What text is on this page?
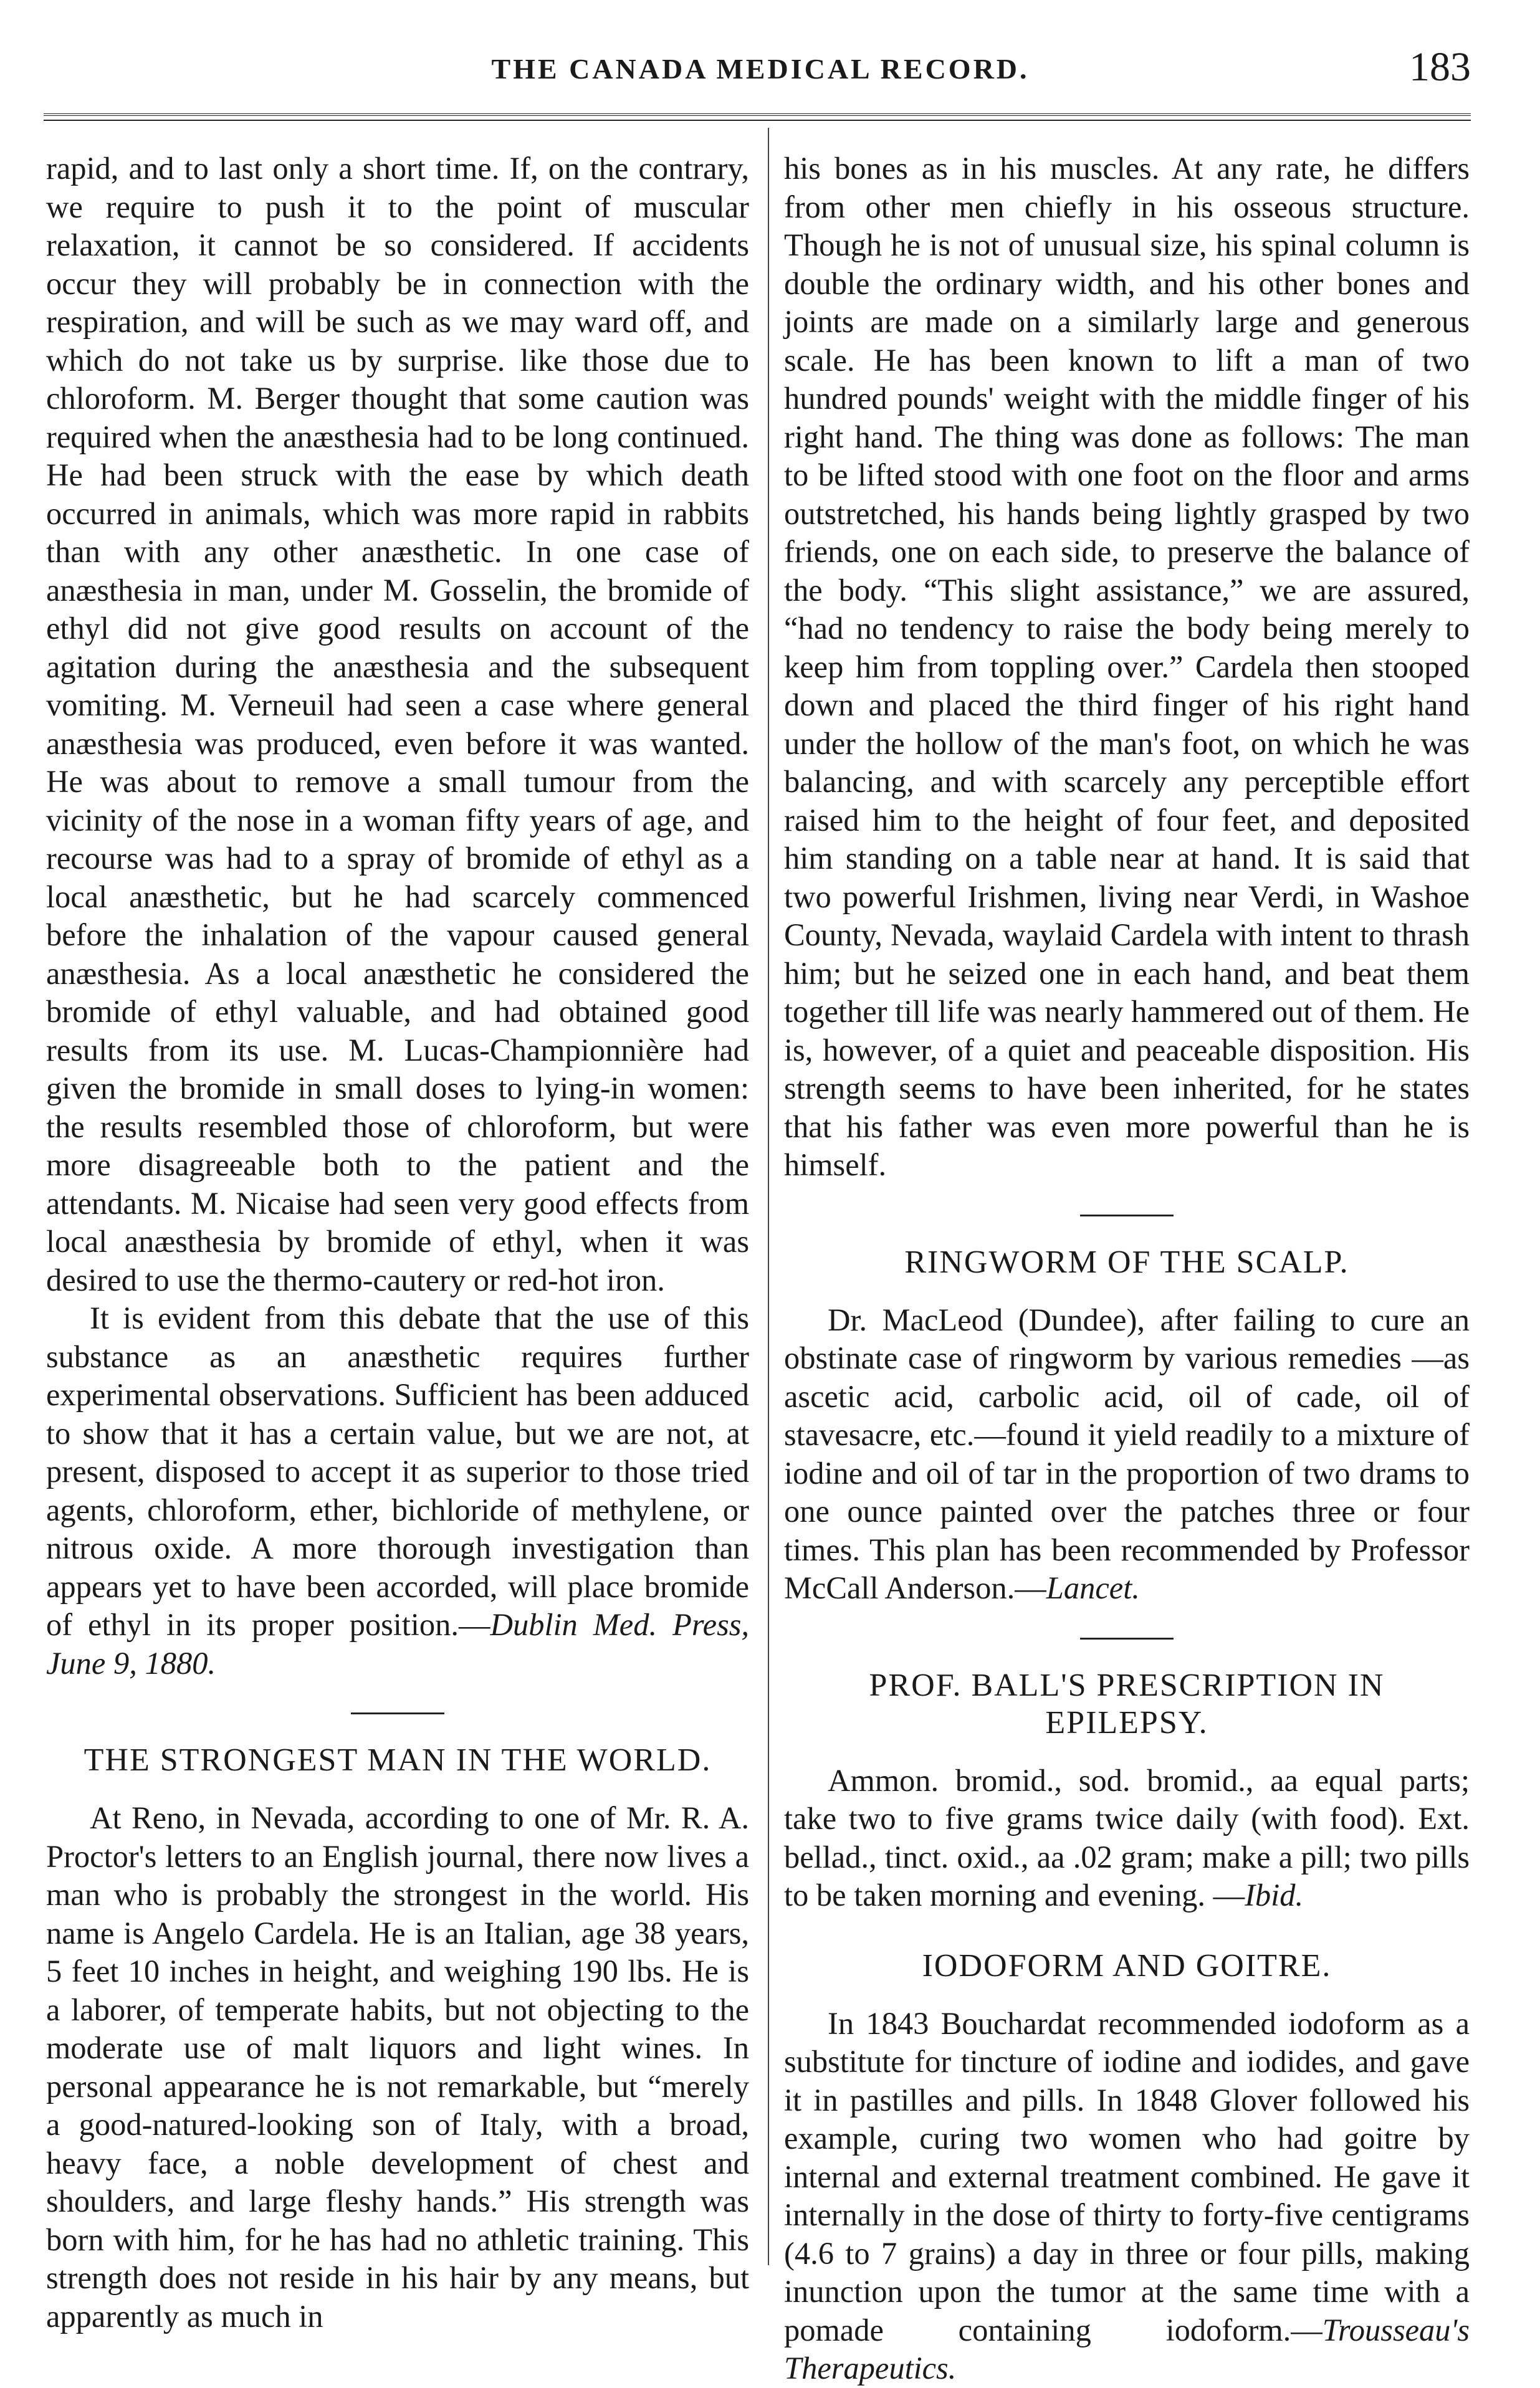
THE CANADA MEDICAL RECORD.	183

rapid, and to last only a short time. If, on the contrary, we require to push it to the point of muscular relaxation, it cannot be so considered. If accidents occur they will probably be in connection with the respiration, and will be such as we may ward off, and which do not take us by surprise. like those due to chloroform. M. Berger thought that some caution was required when the anæsthesia had to be long continued. He had been struck with the ease by which death occurred in animals, which was more rapid in rabbits than with any other anæsthetic. In one case of anæsthesia in man, under M. Gosselin, the bromide of ethyl did not give good results on account of the agitation during the anæsthesia and the subsequent vomiting. M. Verneuil had seen a case where general anæsthesia was produced, even before it was wanted. He was about to remove a small tumour from the vicinity of the nose in a woman fifty years of age, and recourse was had to a spray of bromide of ethyl as a local anæsthetic, but he had scarcely commenced before the inhalation of the vapour caused general anæsthesia. As a local anæsthetic he considered the bromide of ethyl valuable, and had obtained good results from its use. M. Lucas-Championnière had given the bromide in small doses to lying-in women: the results resembled those of chloroform, but were more disagreeable both to the patient and the attendants. M. Nicaise had seen very good effects from local anæsthesia by bromide of ethyl, when it was desired to use the thermo-cautery or red-hot iron.

It is evident from this debate that the use of this substance as an anæsthetic requires further experimental observations. Sufficient has been adduced to show that it has a certain value, but we are not, at present, disposed to accept it as superior to those tried agents, chloroform, ether, bichloride of methylene, or nitrous oxide. A more thorough investigation than appears yet to have been accorded, will place bromide of ethyl in its proper position.—Dublin Med. Press, June 9, 1880.

THE STRONGEST MAN IN THE WORLD.

At Reno, in Nevada, according to one of Mr. R. A. Proctor's letters to an English journal, there now lives a man who is probably the strongest in the world. His name is Angelo Cardela. He is an Italian, age 38 years, 5 feet 10 inches in height, and weighing 190 lbs. He is a laborer, of temperate habits, but not objecting to the moderate use of malt liquors and light wines. In personal appearance he is not remarkable, but “merely a good-natured-looking son of Italy, with a broad, heavy face, a noble development of chest and shoulders, and large fleshy hands.” His strength was born with him, for he has had no athletic training. This strength does not reside in his hair by any means, but apparently as much in

his bones as in his muscles. At any rate, he differs from other men chiefly in his osseous structure. Though he is not of unusual size, his spinal column is double the ordinary width, and his other bones and joints are made on a similarly large and generous scale. He has been known to lift a man of two hundred pounds' weight with the middle finger of his right hand. The thing was done as follows: The man to be lifted stood with one foot on the floor and arms outstretched, his hands being lightly grasped by two friends, one on each side, to preserve the balance of the body. “This slight assistance,” we are assured, “had no tendency to raise the body being merely to keep him from toppling over.” Cardela then stooped down and placed the third finger of his right hand under the hollow of the man's foot, on which he was balancing, and with scarcely any perceptible effort raised him to the height of four feet, and deposited him standing on a table near at hand. It is said that two powerful Irishmen, living near Verdi, in Washoe County, Nevada, waylaid Cardela with intent to thrash him; but he seized one in each hand, and beat them together till life was nearly hammered out of them. He is, however, of a quiet and peaceable disposition. His strength seems to have been inherited, for he states that his father was even more powerful than he is himself.

RINGWORM OF THE SCALP.

Dr. MacLeod (Dundee), after failing to cure an obstinate case of ringworm by various remedies —as ascetic acid, carbolic acid, oil of cade, oil of stavesacre, etc.—found it yield readily to a mixture of iodine and oil of tar in the proportion of two drams to one ounce painted over the patches three or four times. This plan has been recommended by Professor McCall Anderson.—Lancet.

PROF. BALL'S PRESCRIPTION IN EPILEPSY.

Ammon. bromid., sod. bromid., aa equal parts; take two to five grams twice daily (with food). Ext. bellad., tinct. oxid., aa .02 gram; make a pill; two pills to be taken morning and evening. —Ibid.

IODOFORM AND GOITRE.

In 1843 Bouchardat recommended iodoform as a substitute for tincture of iodine and iodides, and gave it in pastilles and pills. In 1848 Glover followed his example, curing two women who had goitre by internal and external treatment combined. He gave it internally in the dose of thirty to forty-five centigrams (4.6 to 7 grains) a day in three or four pills, making inunction upon the tumor at the same time with a pomade containing iodoform.—Trousseau's Therapeutics.
